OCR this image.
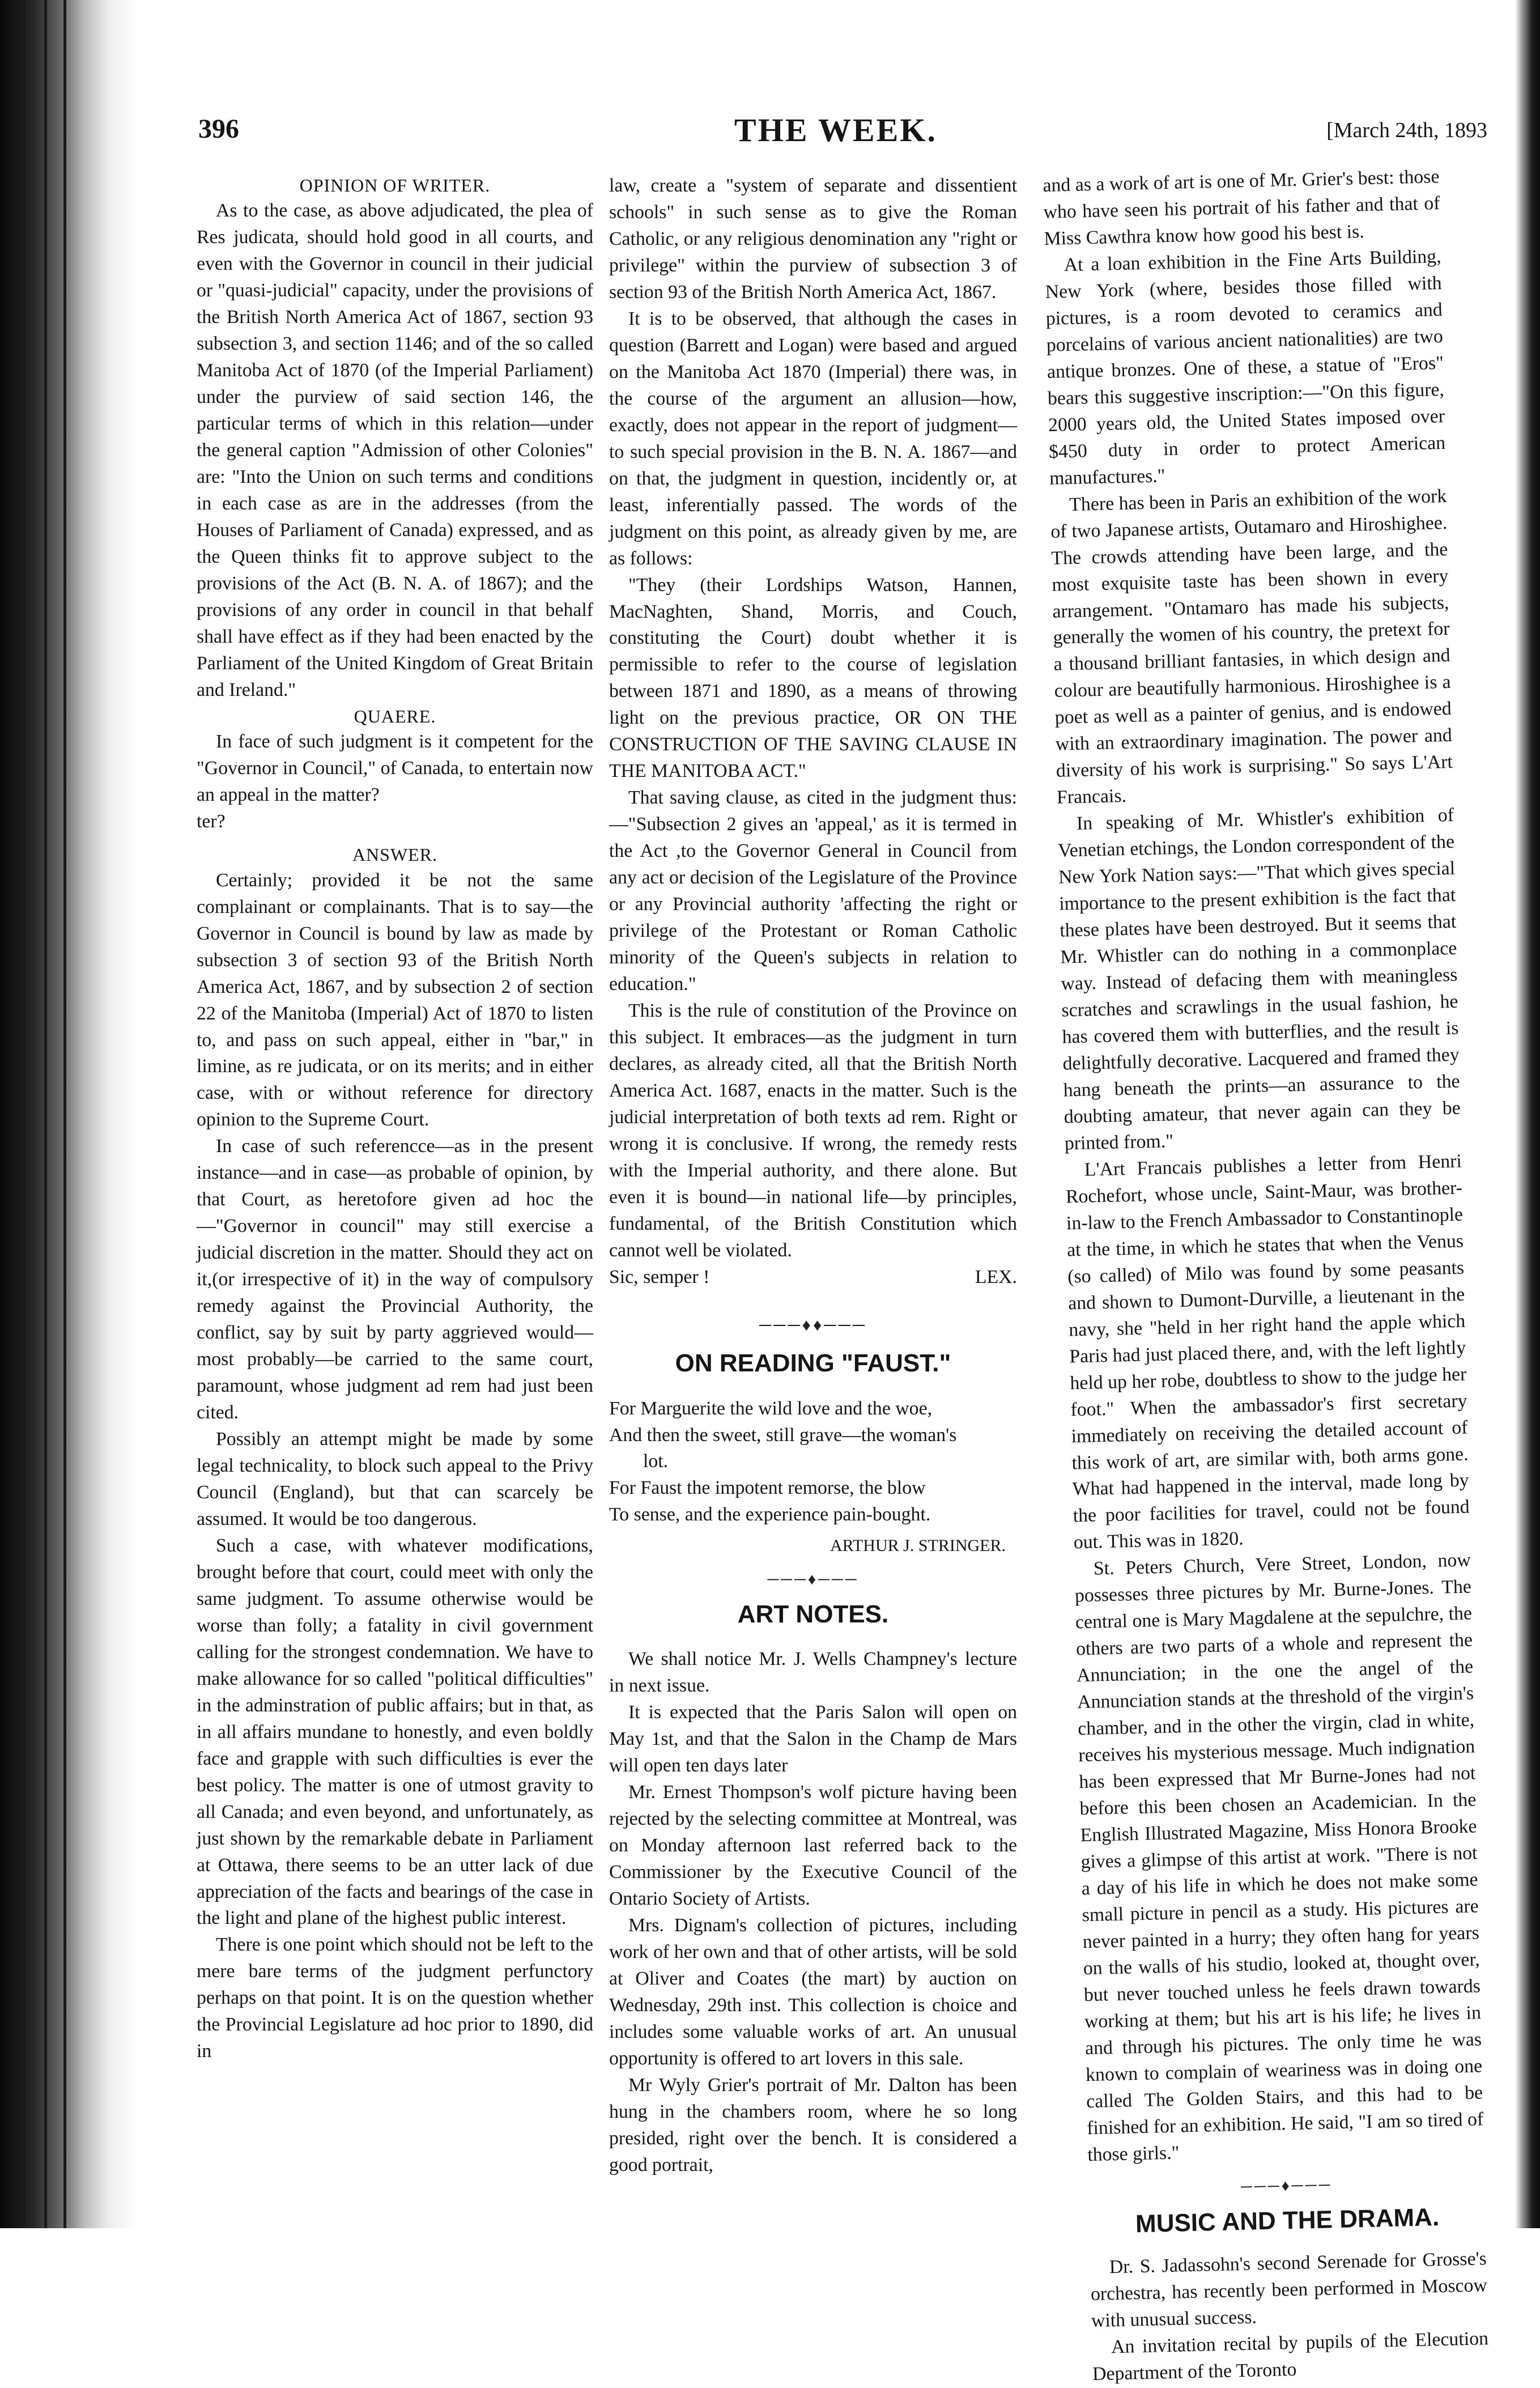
396	THE WEEK.	[March 24th, 1893
OPINION OF WRITER.

As to the case, as above adjudicated, the plea of Res judicata, should hold good in all courts, and even with the Governor in council in their judicial or "quasi-judicial" capacity, under the provisions of the British North America Act of 1867, section 93 subsection 3, and section 1146; and of the so called Manitoba Act of 1870 (of the Imperial Parliament) under the purview of said section 146, the particular terms of which in this relation—under the general caption "Admission of other Colonies" are: "Into the Union on such terms and conditions in each case as are in the addresses (from the Houses of Parliament of Canada) expressed, and as the Queen thinks fit to approve subject to the provisions of the Act (B. N. A. of 1867); and the provisions of any order in council in that behalf shall have effect as if they had been enacted by the Parliament of the United Kingdom of Great Britain and Ireland."

QUAERE.

In face of such judgment is it competent for the "Governor in Council," of Canada, to entertain now an appeal in the matter?

ter?

ANSWER.

Certainly; provided it be not the same complainant or complainants. That is to say—the Governor in Council is bound by law as made by subsection 3 of section 93 of the British North America Act, 1867, and by subsection 2 of section 22 of the Manitoba (Imperial) Act of 1870 to listen to, and pass on such appeal, either in "bar," in limine, as re judicata, or on its merits; and in either case, with or without reference for directory opinion to the Supreme Court.

In case of such referencce—as in the present instance—and in case—as probable of opinion, by that Court, as heretofore given ad hoc the—"Governor in council" may still exercise a judicial discretion in the matter. Should they act on it,(or irrespective of it) in the way of compulsory remedy against the Provincial Authority, the conflict, say by suit by party aggrieved would—most probably—be carried to the same court, paramount, whose judgment ad rem had just been cited.

Possibly an attempt might be made by some legal technicality, to block such appeal to the Privy Council (England), but that can scarcely be assumed. It would be too dangerous.

Such a case, with whatever modifications, brought before that court, could meet with only the same judgment. To assume otherwise would be worse than folly; a fatality in civil government calling for the strongest condemnation. We have to make allowance for so called "political difficulties" in the adminstration of public affairs; but in that, as in all affairs mundane to honestly, and even boldly face and grapple with such difficulties is ever the best policy. The matter is one of utmost gravity to all Canada; and even beyond, and unfortunately, as just shown by the remarkable debate in Parliament at Ottawa, there seems to be an utter lack of due appreciation of the facts and bearings of the case in the light and plane of the highest public interest.

There is one point which should not be left to the mere bare terms of the judgment perfunctory perhaps on that point. It is on the question whether the Provincial Legislature ad hoc prior to 1890, did in

law, create a "system of separate and dissentient schools" in such sense as to give the Roman Catholic, or any religious denomination any "right or privilege" within the purview of subsection 3 of section 93 of the British North America Act, 1867.

It is to be observed, that although the cases in question (Barrett and Logan) were based and argued on the Manitoba Act 1870 (Imperial) there was, in the course of the argument an allusion—how, exactly, does not appear in the report of judgment—to such special provision in the B. N. A. 1867—and on that, the judgment in question, incidently or, at least, inferentially passed. The words of the judgment on this point, as already given by me, are as follows:

"They (their Lordships Watson, Hannen, MacNaghten, Shand, Morris, and Couch, constituting the Court) doubt whether it is permissible to refer to the course of legislation between 1871 and 1890, as a means of throwing light on the previous practice, OR ON THE CONSTRUCTION OF THE SAVING CLAUSE IN THE MANITOBA ACT."

That saving clause, as cited in the judgment thus:—"Subsection 2 gives an 'appeal,' as it is termed in the Act ,to the Governor General in Council from any act or decision of the Legislature of the Province or any Provincial authority 'affecting the right or privilege of the Protestant or Roman Catholic minority of the Queen's subjects in relation to education."

This is the rule of constitution of the Province on this subject. It embraces—as the judgment in turn declares, as already cited, all that the British North America Act. 1687, enacts in the matter. Such is the judicial interpretation of both texts ad rem. Right or wrong it is conclusive. If wrong, the remedy rests with the Imperial authority, and there alone. But even it is bound—in national life—by principles, fundamental, of the British Constitution which cannot well be violated.

Sic, semper !	LEX.
───♦♦───
ON READING "FAUST."
For Marguerite the wild love and the woe,
And then the sweet, still grave—the woman's
lot.
For Faust the impotent remorse, the blow
To sense, and the experience pain-bought.
ARTHUR J. STRINGER.
───♦───
ART NOTES.

We shall notice Mr. J. Wells Champney's lecture in next issue.

It is expected that the Paris Salon will open on May 1st, and that the Salon in the Champ de Mars will open ten days later

Mr. Ernest Thompson's wolf picture having been rejected by the selecting committee at Montreal, was on Monday afternoon last referred back to the Commissioner by the Executive Council of the Ontario Society of Artists.

Mrs. Dignam's collection of pictures, including work of her own and that of other artists, will be sold at Oliver and Coates (the mart) by auction on Wednesday, 29th inst. This collection is choice and includes some valuable works of art. An unusual opportunity is offered to art lovers in this sale.

Mr Wyly Grier's portrait of Mr. Dalton has been hung in the chambers room, where he so long presided, right over the bench. It is considered a good portrait,

and as a work of art is one of Mr. Grier's best: those who have seen his portrait of his father and that of Miss Cawthra know how good his best is.

At a loan exhibition in the Fine Arts Building, New York (where, besides those filled with pictures, is a room devoted to ceramics and porcelains of various ancient nationalities) are two antique bronzes. One of these, a statue of "Eros" bears this suggestive inscription:—"On this figure, 2000 years old, the United States imposed over $450 duty in order to protect American manufactures."

There has been in Paris an exhibition of the work of two Japanese artists, Outamaro and Hiroshighee. The crowds attending have been large, and the most exquisite taste has been shown in every arrangement. "Ontamaro has made his subjects, generally the women of his country, the pretext for a thousand brilliant fantasies, in which design and colour are beautifully harmonious. Hiroshighee is a poet as well as a painter of genius, and is endowed with an extraordinary imagination. The power and diversity of his work is surprising." So says L'Art Francais.

In speaking of Mr. Whistler's exhibition of Venetian etchings, the London correspondent of the New York Nation says:—"That which gives special importance to the present exhibition is the fact that these plates have been destroyed. But it seems that Mr. Whistler can do nothing in a commonplace way. Instead of defacing them with meaningless scratches and scrawlings in the usual fashion, he has covered them with butterflies, and the result is delightfully decorative. Lacquered and framed they hang beneath the prints—an assurance to the doubting amateur, that never again can they be printed from."

L'Art Francais publishes a letter from Henri Rochefort, whose uncle, Saint-Maur, was brother-in-law to the French Ambassador to Constantinople at the time, in which he states that when the Venus (so called) of Milo was found by some peasants and shown to Dumont-Durville, a lieutenant in the navy, she "held in her right hand the apple which Paris had just placed there, and, with the left lightly held up her robe, doubtless to show to the judge her foot." When the ambassador's first secretary immediately on receiving the detailed account of this work of art, are similar with, both arms gone. What had happened in the interval, made long by the poor facilities for travel, could not be found out. This was in 1820.

St. Peters Church, Vere Street, London, now possesses three pictures by Mr. Burne-Jones. The central one is Mary Magdalene at the sepulchre, the others are two parts of a whole and represent the Annunciation; in the one the angel of the Annunciation stands at the threshold of the virgin's chamber, and in the other the virgin, clad in white, receives his mysterious message. Much indignation has been expressed that Mr Burne-Jones had not before this been chosen an Academician. In the English Illustrated Magazine, Miss Honora Brooke gives a glimpse of this artist at work. "There is not a day of his life in which he does not make some small picture in pencil as a study. His pictures are never painted in a hurry; they often hang for years on the walls of his studio, looked at, thought over, but never touched unless he feels drawn towards working at them; but his art is his life; he lives in and through his pictures. The only time he was known to complain of weariness was in doing one called The Golden Stairs, and this had to be finished for an exhibition. He said, "I am so tired of those girls."

───♦───
MUSIC AND THE DRAMA.

Dr. S. Jadassohn's second Serenade for Grosse's orchestra, has recently been performed in Moscow with unusual success.

An invitation recital by pupils of the Elecution Department of the Toronto
